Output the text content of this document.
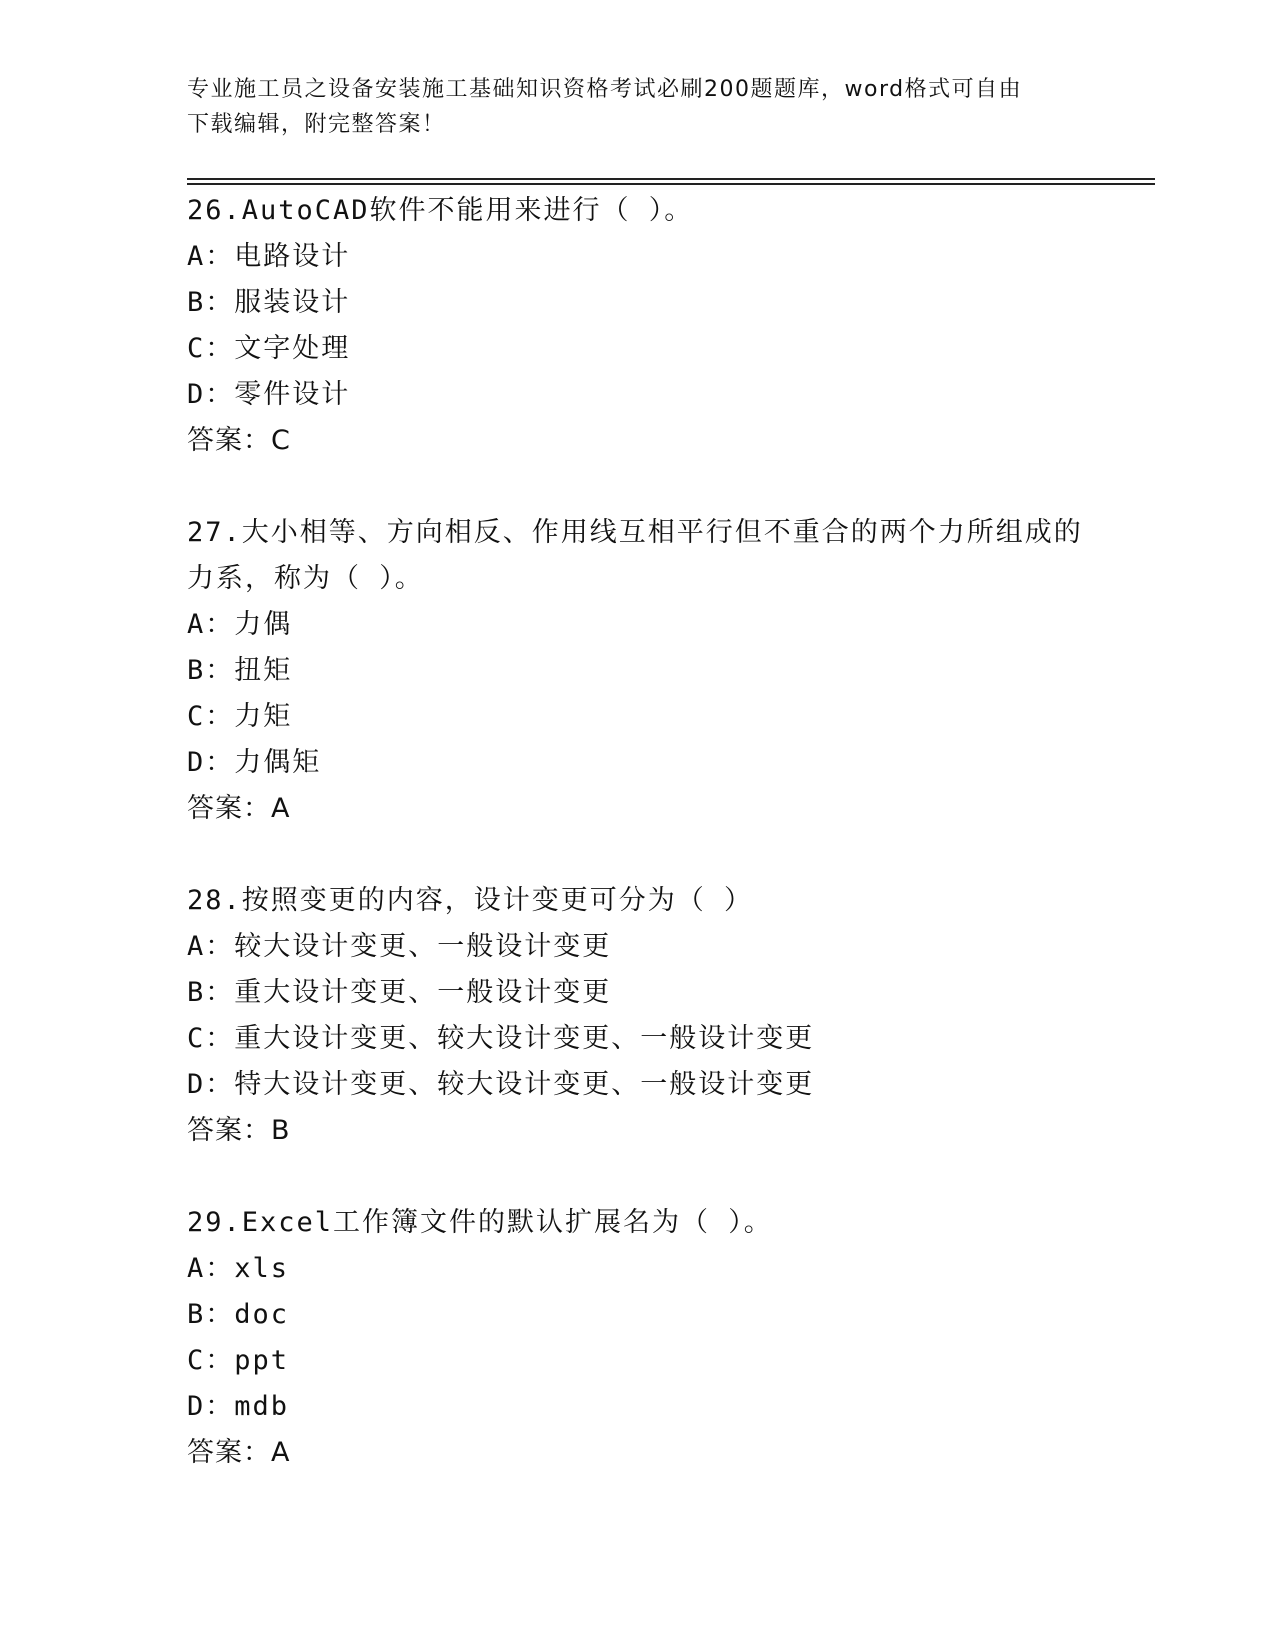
专业施工员之设备安装施工基础知识资格考试必刷200题题库，word格式可自由
下载编辑，附完整答案！
26.AutoCAD软件不能用来进行（ ）。
A：电路设计
B：服装设计
C：文字处理
D：零件设计
答案：C
27.大小相等、方向相反、作用线互相平行但不重合的两个力所组成的
力系，称为（ ）。
A：力偶
B：扭矩
C：力矩
D：力偶矩
答案：A
28.按照变更的内容，设计变更可分为（ ）
A：较大设计变更、一般设计变更
B：重大设计变更、一般设计变更
C：重大设计变更、较大设计变更、一般设计变更
D：特大设计变更、较大设计变更、一般设计变更
答案：B
29.Excel工作簿文件的默认扩展名为（ ）。
A：xls
B：doc
C：ppt
D：mdb
答案：A
